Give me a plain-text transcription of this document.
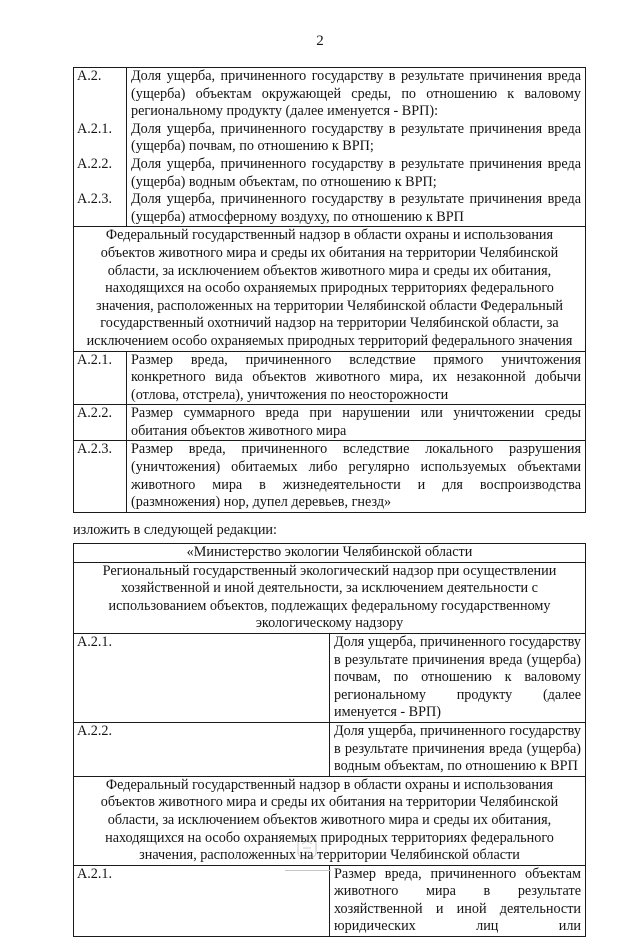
2
А.2.	Доля ущерба, причиненного государству в результате причинения вреда (ущерба) объектам окружающей среды, по отношению к валовому региональному продукту (далее именуется - ВРП):
А.2.1.	Доля ущерба, причиненного государству в результате причинения вреда (ущерба) почвам, по отношению к ВРП;
А.2.2.	Доля ущерба, причиненного государству в результате причинения вреда (ущерба) водным объектам, по отношению к ВРП;
А.2.3.	Доля ущерба, причиненного государству в результате причинения вреда (ущерба) атмосферному воздуху, по отношению к ВРП
Федеральный государственный надзор в области охраны и использования объектов животного мира и среды их обитания на территории Челябинской области, за исключением объектов животного мира и среды их обитания, находящихся на особо охраняемых природных территориях федерального значения, расположенных на территории Челябинской области Федеральный государственный охотничий надзор на территории Челябинской области, за исключением особо охраняемых природных территорий федерального значения	
А.2.1.	Размер вреда, причиненного вследствие прямого уничтожения конкретного вида объектов животного мира, их незаконной добычи (отлова, отстрела), уничтожения по неосторожности
А.2.2.	Размер суммарного вреда при нарушении или уничтожении среды обитания объектов животного мира
А.2.3.	Размер вреда, причиненного вследствие локального разрушения (уничтожения) обитаемых либо регулярно используемых объектами животного мира в жизнедеятельности и для воспроизводства (размножения) нор, дупел деревьев, гнезд»
изложить в следующей редакции:
«Министерство экологии Челябинской области	
Региональный государственный экологический надзор при осуществлении хозяйственной и иной деятельности, за исключением деятельности с использованием объектов, подлежащих федеральному государственному экологическому надзору	
А.2.1.	Доля ущерба, причиненного государству в результате причинения вреда (ущерба) почвам, по отношению к валовому региональному продукту (далее именуется - ВРП)
А.2.2.	Доля ущерба, причиненного государству в результате причинения вреда (ущерба) водным объектам, по отношению к ВРП
Федеральный государственный надзор в области охраны и использования объектов животного мира и среды их обитания на территории Челябинской области, за исключением объектов животного мира и среды их обитания, находящихся на особо охраняемых природных территориях федерального значения, расположенных на территории Челябинской области	
А.2.1.	Размер вреда, причиненного объектам животного мира в результате хозяйственной и иной деятельности юридических лиц или
